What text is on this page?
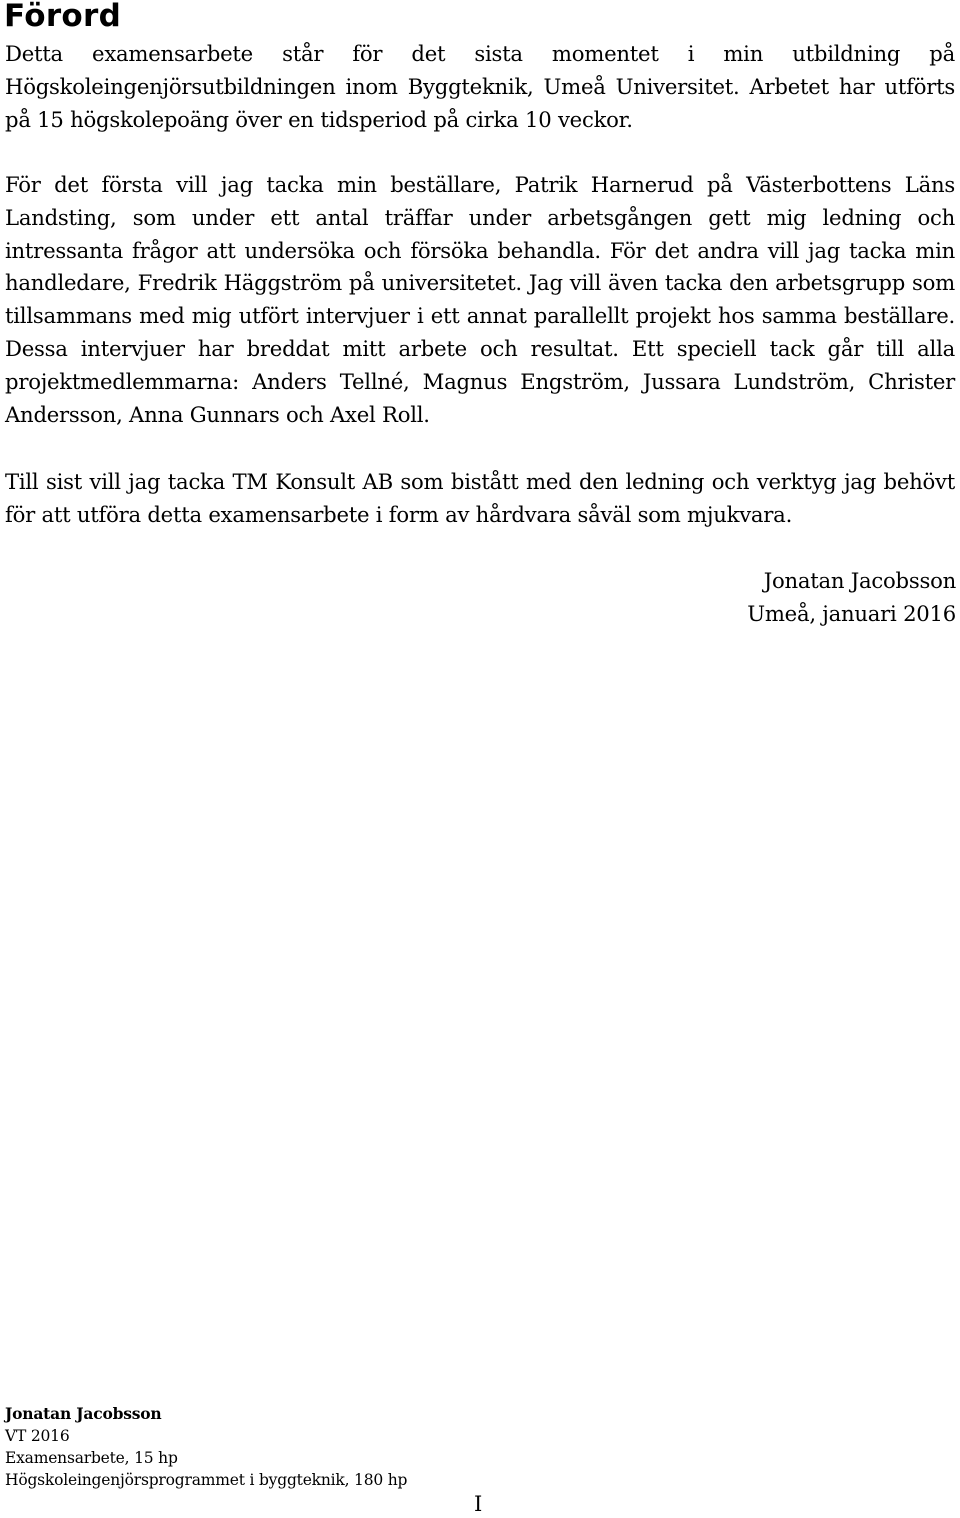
Förord

Detta examensarbete står för det sista momentet i min utbildning på Högskoleingenjörsutbildningen inom Byggteknik, Umeå Universitet. Arbetet har utförts på 15 högskolepoäng över en tidsperiod på cirka 10 veckor.

För det första vill jag tacka min beställare, Patrik Harnerud på Västerbottens Läns Landsting, som under ett antal träffar under arbetsgången gett mig ledning och intressanta frågor att undersöka och försöka behandla. För det andra vill jag tacka min handledare, Fredrik Häggström på universitetet. Jag vill även tacka den arbetsgrupp som tillsammans med mig utfört intervjuer i ett annat parallellt projekt hos samma beställare. Dessa intervjuer har breddat mitt arbete och resultat. Ett speciell tack går till alla projektmedlemmarna: Anders Tellné, Magnus Engström, Jussara Lundström, Christer Andersson, Anna Gunnars och Axel Roll.

Till sist vill jag tacka TM Konsult AB som bistått med den ledning och verktyg jag behövt för att utföra detta examensarbete i form av hårdvara såväl som mjukvara.

Jonatan Jacobsson
Umeå, januari 2016
Jonatan Jacobsson
VT 2016
Examensarbete, 15 hp
Högskoleingenjörsprogrammet i byggteknik, 180 hp
I
